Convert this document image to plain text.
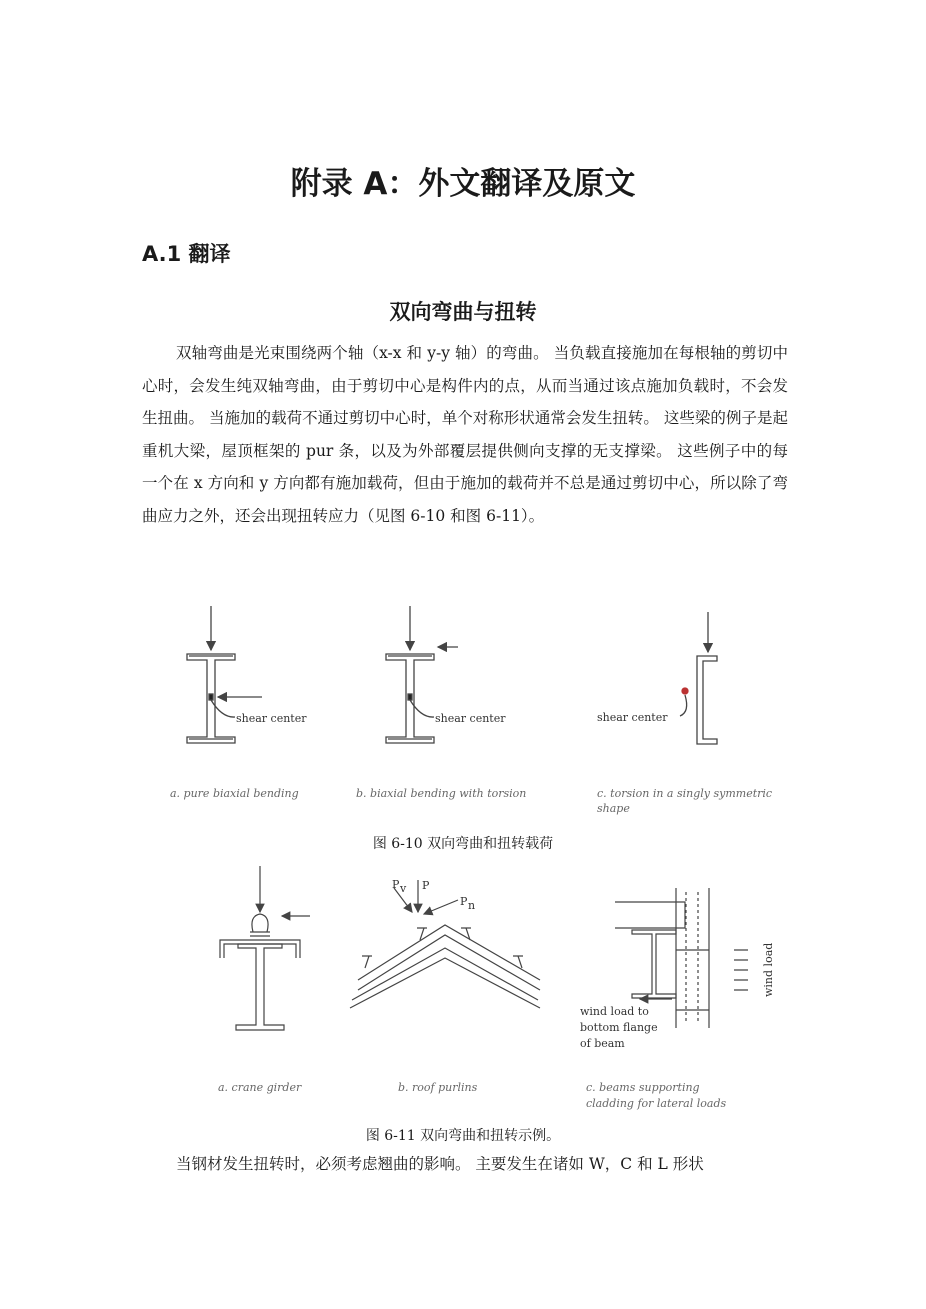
附录 A：外文翻译及原文
A.1 翻译
双向弯曲与扭转

双轴弯曲是光束围绕两个轴（x-x 和 y-y 轴）的弯曲。 当负载直接施加在每根轴的剪切中心时，会发生纯双轴弯曲，由于剪切中心是构件内的点，从而当通过该点施加负载时，不会发生扭曲。 当施加的载荷不通过剪切中心时，单个对称形状通常会发生扭转。 这些梁的例子是起重机大梁，屋顶框架的 pur 条，以及为外部覆层提供侧向支撑的无支撑梁。 这些例子中的每一个在 x 方向和 y 方向都有施加载荷，但由于施加的载荷并不总是通过剪切中心，所以除了弯曲应力之外，还会出现扭转应力（见图 6-10 和图 6-11）。

shear center	shear center	shear center
a. pure biaxial bending	b. biaxial bending with torsion	c. torsion in a singly symmetric
shape

图 6-10 双向弯曲和扭转载荷

P v P
P n
wind load
wind load to
bottom flange
of beam
a. crane girder	b. roof purlins	c. beams supporting
cladding for lateral loads

图 6-11 双向弯曲和扭转示例。

当钢材发生扭转时，必须考虑翘曲的影响。 主要发生在诸如 W，C 和 L 形状
